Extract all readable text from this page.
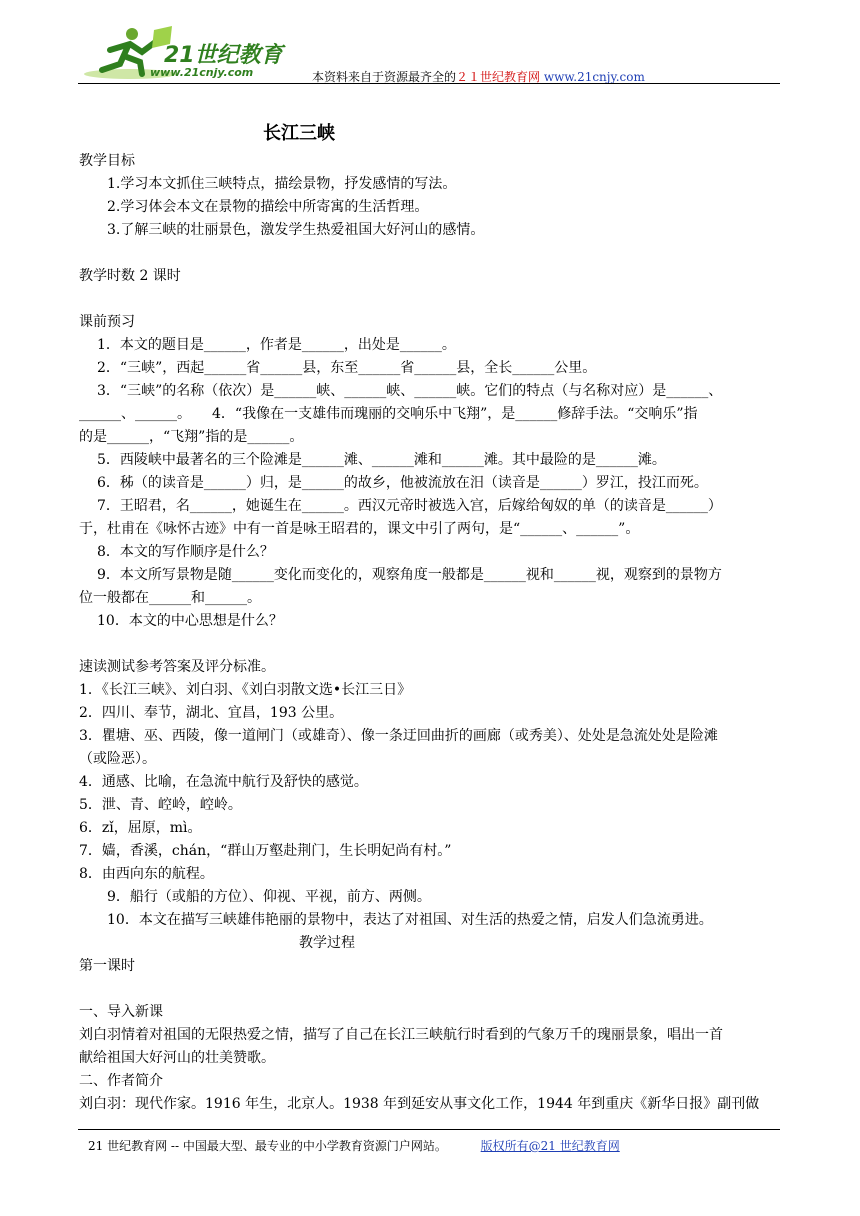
21世纪教育
www.21cnjy.com	本资料来自于资源最齐全的２１世纪教育网 www.21cnjy.com
长江三峡
教学目标
1.学习本文抓住三峡特点，描绘景物，抒发感情的写法。
2.学习体会本文在景物的描绘中所寄寓的生活哲理。
3.了解三峡的壮丽景色，激发学生热爱祖国大好河山的感情。
教学时数 2 课时
课前预习
1．本文的题目是______，作者是______，出处是______。
2．“三峡”，西起______省______县，东至______省______县，全长______公里。
3．“三峡”的名称（依次）是______峡、______峡、______峡。它们的特点（与名称对应）是______、
______、______。　　4．“我像在一支雄伟而瑰丽的交响乐中飞翔”，是______修辞手法。“交响乐”指
的是______，“飞翔”指的是______。
5．西陵峡中最著名的三个险滩是______滩、______滩和______滩。其中最险的是______滩。
6．秭（的读音是______）归，是______的故乡，他被流放在汨（读音是______）罗江，投江而死。
7．王昭君，名______，她诞生在______。西汉元帝时被选入宫，后嫁给匈奴的单（的读音是______）
于，杜甫在《咏怀古迹》中有一首是咏王昭君的，课文中引了两句，是“______、______”。
8．本文的写作顺序是什么？
9．本文所写景物是随______变化而变化的，观察角度一般都是______视和______视，观察到的景物方
位一般都在______和______。
10．本文的中心思想是什么？
速读测试参考答案及评分标准。
1．《长江三峡》、刘白羽、《刘白羽散文选•长江三日》
2．四川、奉节，湖北、宜昌，193 公里。
3．瞿塘、巫、西陵，像一道闸门（或雄奇）、像一条迂回曲折的画廊（或秀美）、处处是急流处处是险滩
（或险恶）。
4．通感、比喻，在急流中航行及舒快的感觉。
5．泄、青、崆岭，崆岭。
6．zǐ，屈原，mì。
7．嫱，香溪，chán，“群山万壑赴荆门，生长明妃尚有村。”
8．由西向东的航程。
9．船行（或船的方位）、仰视、平视，前方、两侧。
10．本文在描写三峡雄伟艳丽的景物中，表达了对祖国、对生活的热爱之情，启发人们急流勇进。
教学过程
第一课时
一、导入新课
刘白羽情着对祖国的无限热爱之情，描写了自己在长江三峡航行时看到的气象万千的瑰丽景象，唱出一首
献给祖国大好河山的壮美赞歌。
二、作者简介
刘白羽：现代作家。1916 年生，北京人。1938 年到延安从事文化工作，1944 年到重庆《新华日报》副刊做
21 世纪教育网 -- 中国最大型、最专业的中小学教育资源门户网站。	版权所有@21 世纪教育网
